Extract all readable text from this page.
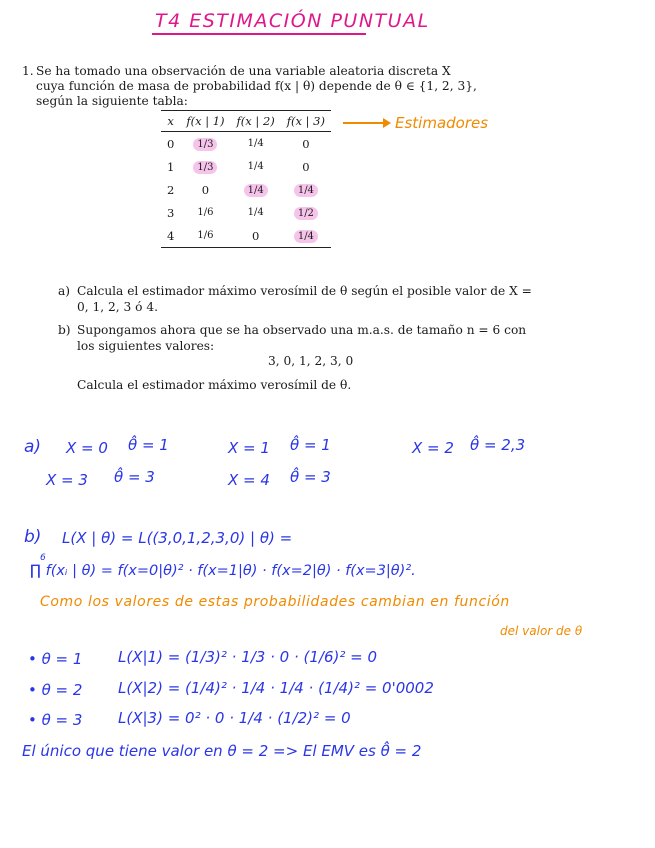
T4 ESTIMACIÓN PUNTUAL
1. Se ha tomado una observación de una variable aleatoria discreta X cuya función de masa de probabilidad f(x | θ) depende de θ ∈ {1, 2, 3}, según la siguiente tabla:
x	f(x | 1)	f(x | 2)	f(x | 3)
0	1/3	1/4	0
1	1/3	1/4	0
2	0	1/4	1/4
3	1/6	1/4	1/2
4	1/6	0	1/4
Estimadores
a) Calcula el estimador máximo verosímil de θ según el posible valor de X = 0, 1, 2, 3 ó 4.
b) Supongamos ahora que se ha observado una m.a.s. de tamaño n = 6 con los siguientes valores:
3, 0, 1, 2, 3, 0
Calcula el estimador máximo verosímil de θ.
a) X = 0 θ̂ = 1	X = 1 θ̂ = 1	X = 2 θ̂ = 2,3
X = 3 θ̂ = 3	X = 4 θ̂ = 3
b) L(X | θ) = L((3,0,1,2,3,0) | θ) =
6
∏ f(xᵢ | θ) = f(x=0|θ)² · f(x=1|θ) · f(x=2|θ) · f(x=3|θ)².
Como los valores de estas probabilidades cambian en función
del valor de θ
• θ = 1 L(X|1) = (1/3)² · 1/3 · 0 · (1/6)² = 0
• θ = 2 L(X|2) = (1/4)² · 1/4 · 1/4 · (1/4)² = 0'0002
• θ = 3 L(X|3) = 0² · 0 · 1/4 · (1/2)² = 0
El único que tiene valor en θ = 2 => El EMV es θ̂ = 2
